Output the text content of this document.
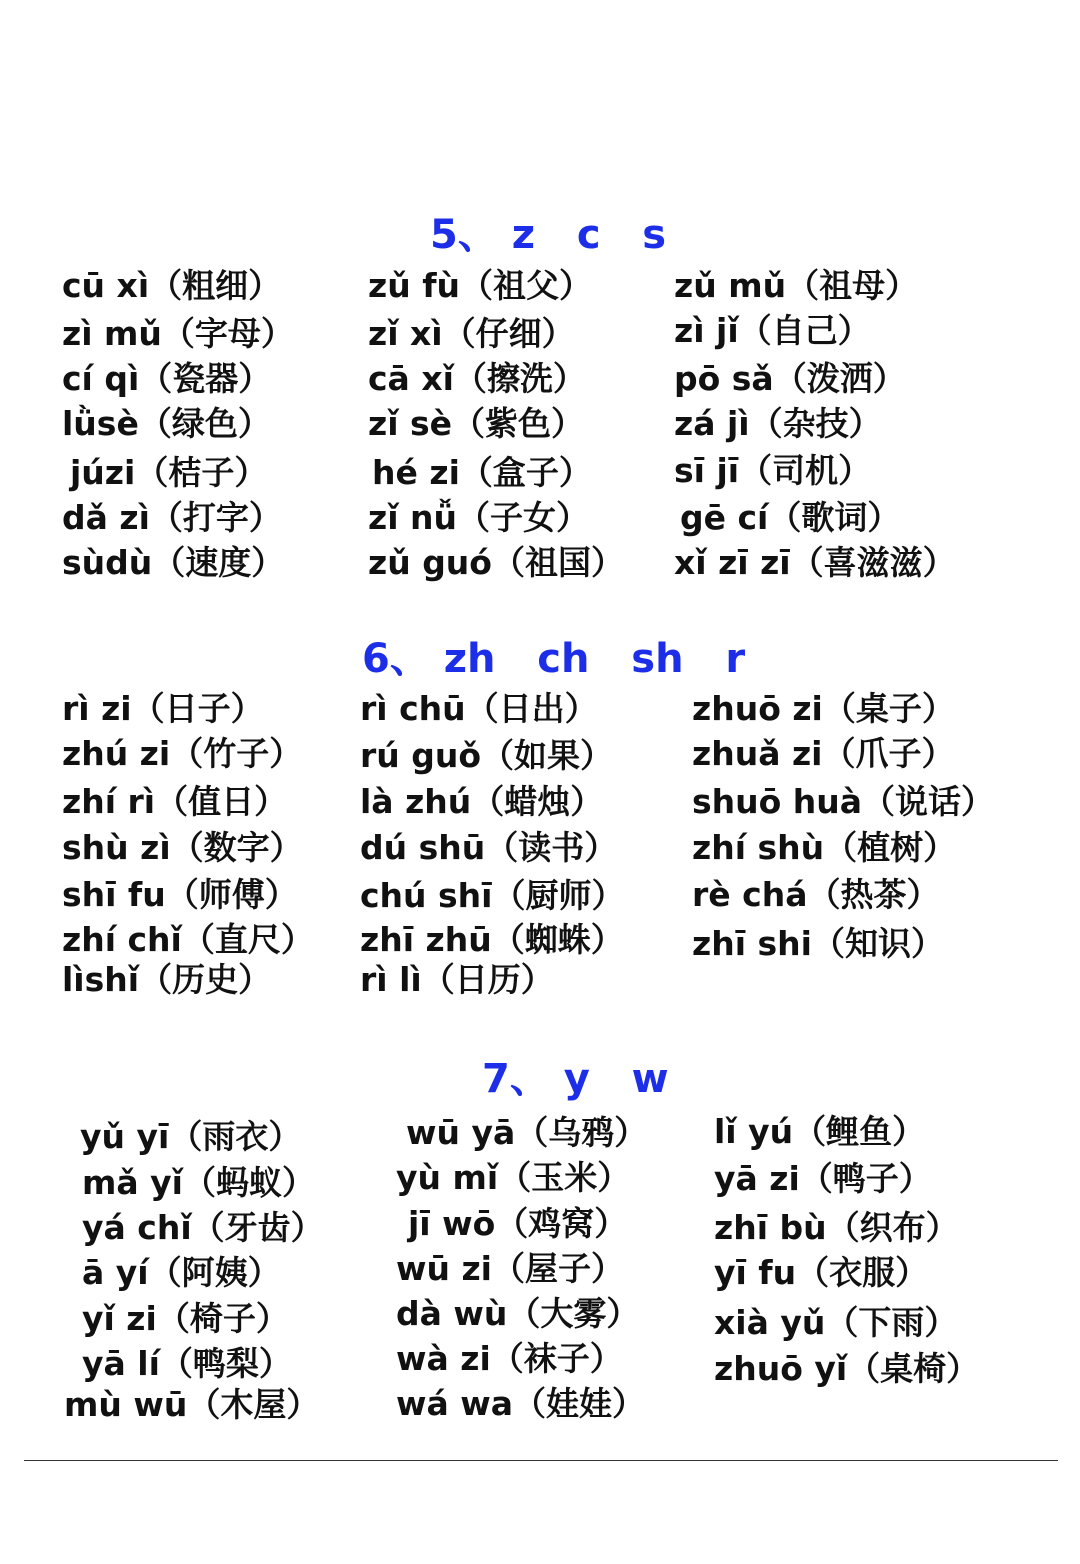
5、 z   c   s
cū xì（粗细）
zì mǔ（字母）
cí qì（瓷器）
lǜsè（绿色）
júzi（桔子）
dǎ zì（打字）
sùdù（速度）
zǔ fù（祖父）
zǐ xì（仔细）
cā xǐ（擦洗）
zǐ sè（紫色）
hé zi（盒子）
zǐ nǚ（子女）
zǔ guó（祖国）
zǔ mǔ（祖母）
zì jǐ（自己）
pō sǎ（泼洒）
zá jì（杂技）
sī jī（司机）
gē cí（歌词）
xǐ zī zī（喜滋滋）
6、 zh   ch   sh   r
rì zi（日子）
zhú zi（竹子）
zhí rì（值日）
shù zì（数字）
shī fu（师傅）
zhí chǐ（直尺）
lìshǐ（历史）
rì chū（日出）
rú guǒ（如果）
là zhú（蜡烛）
dú shū（读书）
chú shī（厨师）
zhī zhū（蜘蛛）
rì lì（日历）
zhuō zi（桌子）
zhuǎ zi（爪子）
shuō huà（说话）
zhí shù（植树）
rè chá（热茶）
zhī shi（知识）
7、 y   w
yǔ yī（雨衣）
mǎ yǐ（蚂蚁）
yá chǐ（牙齿）
ā yí（阿姨）
yǐ zi（椅子）
yā lí（鸭梨）
mù wū（木屋）
wū yā（乌鸦）
yù mǐ（玉米）
jī wō（鸡窝）
wū zi（屋子）
dà wù（大雾）
wà zi（袜子）
wá wa（娃娃）
lǐ yú（鲤鱼）
yā zi（鸭子）
zhī bù（织布）
yī fu（衣服）
xià yǔ（下雨）
zhuō yǐ（桌椅）
